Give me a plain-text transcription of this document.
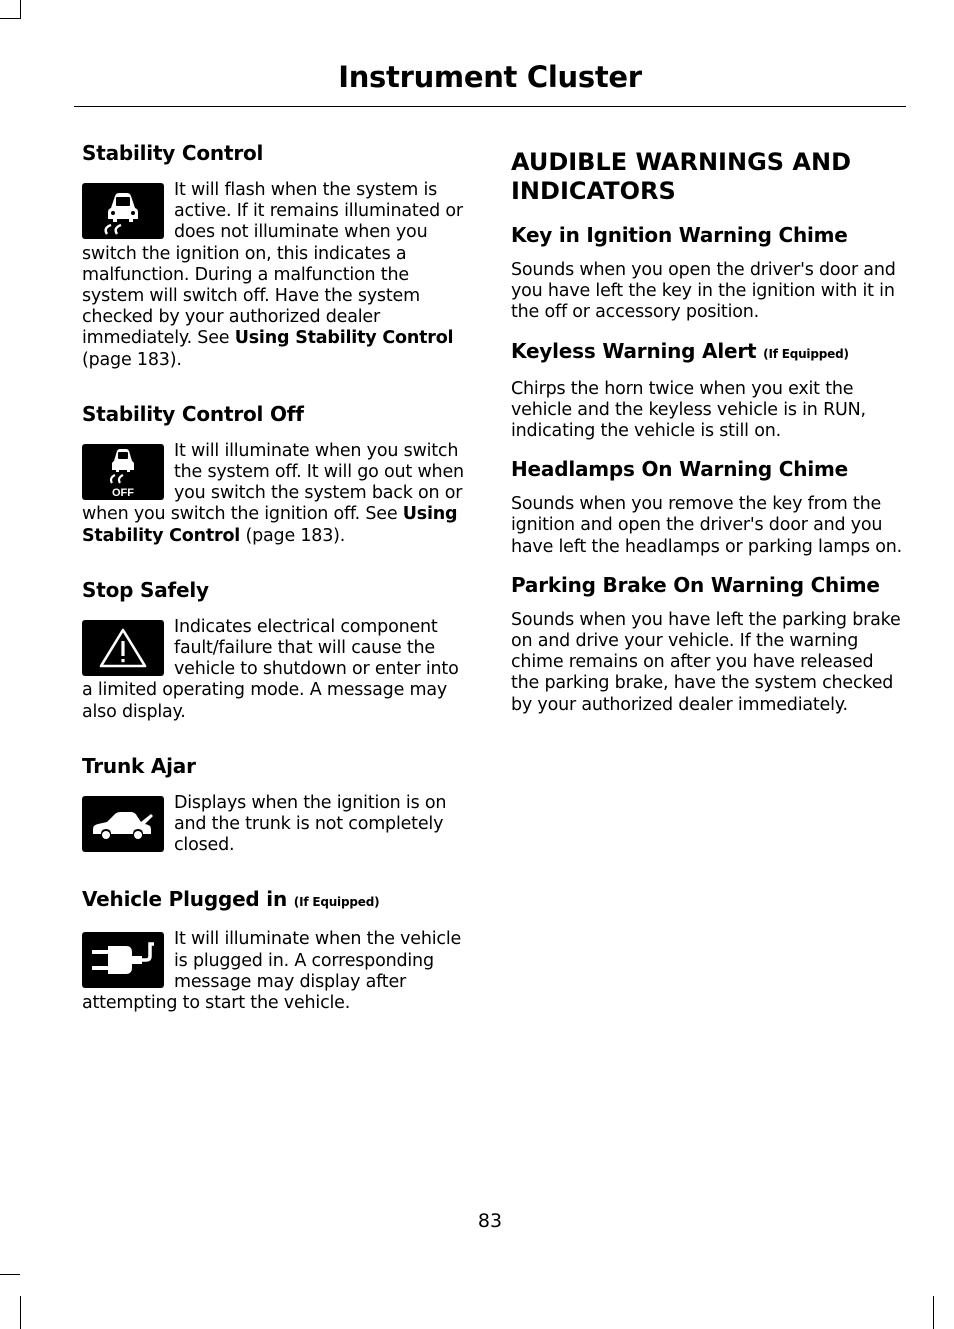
Instrument Cluster
Stability Control

It will flash when the system is active. If it remains illuminated or does not illuminate when you switch the ignition on, this indicates a malfunction. During a malfunction the system will switch off. Have the system checked by your authorized dealer immediately. See Using Stability Control (page 183).

Stability Control Off
OFF

It will illuminate when you switch the system off. It will go out when you switch the system back on or when you switch the ignition off. See Using Stability Control (page 183).

Stop Safely

Indicates electrical component fault/failure that will cause the vehicle to shutdown or enter into a limited operating mode. A message may also display.

Trunk Ajar

Displays when the ignition is on and the trunk is not completely closed.

Vehicle Plugged in (If Equipped)

It will illuminate when the vehicle is plugged in. A corresponding message may display after attempting to start the vehicle.

AUDIBLE WARNINGS AND INDICATORS
Key in Ignition Warning Chime

Sounds when you open the driver's door and you have left the key in the ignition with it in the off or accessory position.

Keyless Warning Alert (If Equipped)

Chirps the horn twice when you exit the vehicle and the keyless vehicle is in RUN, indicating the vehicle is still on.

Headlamps On Warning Chime

Sounds when you remove the key from the ignition and open the driver's door and you have left the headlamps or parking lamps on.

Parking Brake On Warning Chime

Sounds when you have left the parking brake on and drive your vehicle. If the warning chime remains on after you have released the parking brake, have the system checked by your authorized dealer immediately.

83
